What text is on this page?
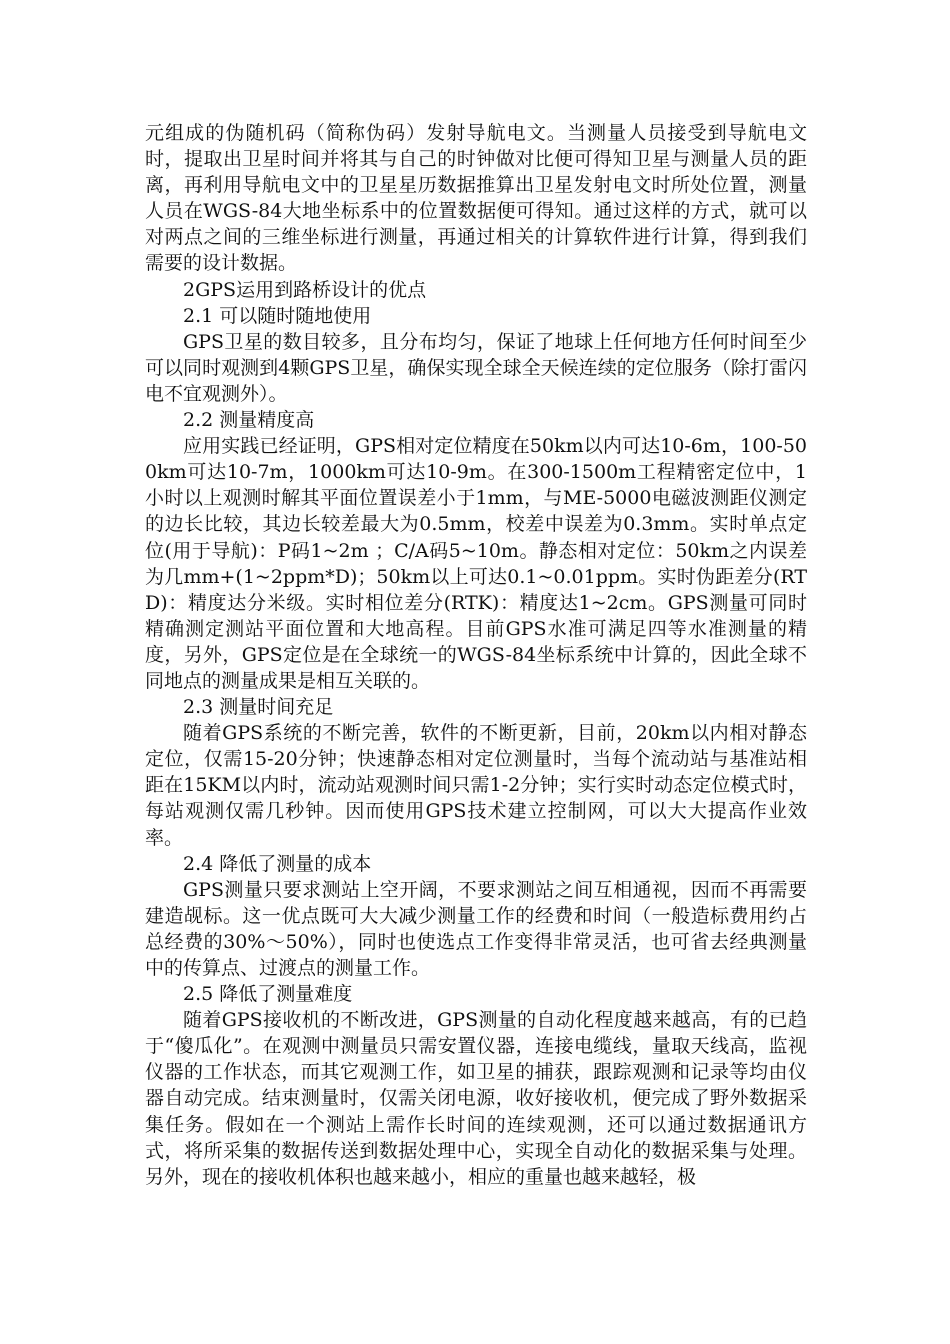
元组成的伪随机码（简称伪码）发射导航电文。当测量人员接受到导航电文时，提取出卫星时间并将其与自己的时钟做对比便可得知卫星与测量人员的距离，再利用导航电文中的卫星星历数据推算出卫星发射电文时所处位置，测量人员在WGS-84大地坐标系中的位置数据便可得知。通过这样的方式，就可以对两点之间的三维坐标进行测量，再通过相关的计算软件进行计算，得到我们需要的设计数据。

2GPS运用到路桥设计的优点
2.1 可以随时随地使用

GPS卫星的数目较多，且分布均匀，保证了地球上任何地方任何时间至少可以同时观测到4颗GPS卫星，确保实现全球全天候连续的定位服务（除打雷闪电不宜观测外）。

2.2 测量精度高

应用实践已经证明，GPS相对定位精度在50km以内可达10-6m，100-500km可达10-7m，1000km可达10-9m。在300-1500m工程精密定位中，1小时以上观测时解其平面位置误差小于1mm，与ME-5000电磁波测距仪测定的边长比较，其边长较差最大为0.5mm，校差中误差为0.3mm。实时单点定位(用于导航)：P码1~2m ；C/A码5~10m。静态相对定位：50km之内误差为几mm+(1~2ppm*D)；50km以上可达0.1~0.01ppm。实时伪距差分(RTD)：精度达分米级。实时相位差分(RTK)：精度达1~2cm。GPS测量可同时精确测定测站平面位置和大地高程。目前GPS水准可满足四等水准测量的精度，另外，GPS定位是在全球统一的WGS-84坐标系统中计算的，因此全球不同地点的测量成果是相互关联的。

2.3 测量时间充足

随着GPS系统的不断完善，软件的不断更新，目前，20km以内相对静态定位，仅需15-20分钟；快速静态相对定位测量时，当每个流动站与基准站相距在15KM以内时，流动站观测时间只需1-2分钟；实行实时动态定位模式时，每站观测仅需几秒钟。因而使用GPS技术建立控制网，可以大大提高作业效率。

2.4 降低了测量的成本

GPS测量只要求测站上空开阔，不要求测站之间互相通视，因而不再需要建造觇标。这一优点既可大大减少测量工作的经费和时间（一般造标费用约占总经费的30%～50%），同时也使选点工作变得非常灵活，也可省去经典测量中的传算点、过渡点的测量工作。

2.5 降低了测量难度

随着GPS接收机的不断改进，GPS测量的自动化程度越来越高，有的已趋于“傻瓜化”。在观测中测量员只需安置仪器，连接电缆线，量取天线高，监视仪器的工作状态，而其它观测工作，如卫星的捕获，跟踪观测和记录等均由仪器自动完成。结束测量时，仅需关闭电源，收好接收机，便完成了野外数据采集任务。假如在一个测站上需作长时间的连续观测，还可以通过数据通讯方式，将所采集的数据传送到数据处理中心，实现全自动化的数据采集与处理。另外，现在的接收机体积也越来越小，相应的重量也越来越轻，极
